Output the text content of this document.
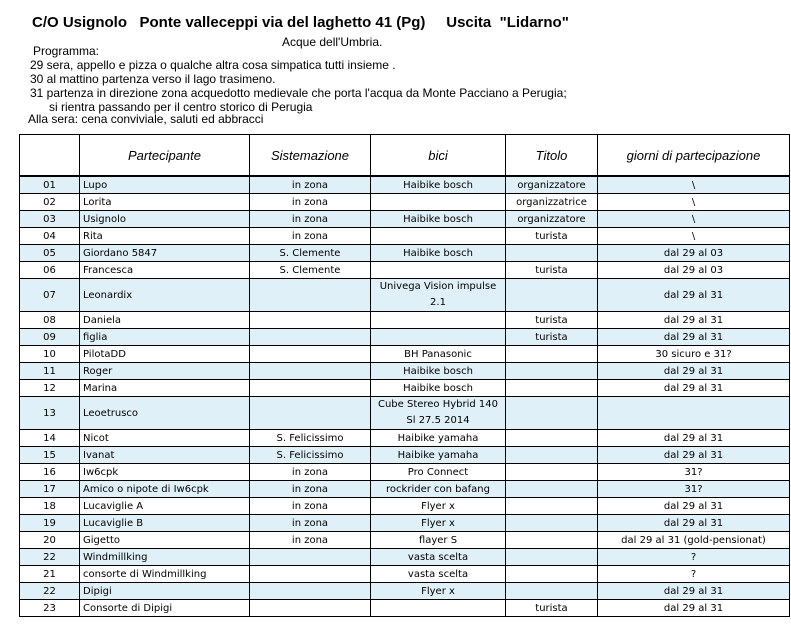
C/O Usignolo   Ponte valleceppi via del laghetto 41 (Pg)     Uscita  "Lidarno"
Acque dell'Umbria.
Programma:
29 sera, appello e pizza o qualche altra cosa simpatica tutti insieme .
30 al mattino partenza verso il lago trasimeno.
31 partenza in direzione zona acquedotto medievale che porta l'acqua da Monte Pacciano a Perugia;
si rientra passando per il centro storico di Perugia
Alla sera: cena conviviale, saluti ed abbracci
	Partecipante	Sistemazione	bici	Titolo	giorni di partecipazione
01	Lupo	in zona	Haibike bosch	organizzatore	\
02	Lorita	in zona		organizzatrice	\
03	Usignolo	in zona	Haibike bosch	organizzatore	\
04	Rita	in zona		turista	\
05	Giordano 5847	S. Clemente	Haibike bosch		dal 29 al 03
06	Francesca	S. Clemente		turista	dal 29 al 03
07	Leonardix		Univega Vision impulse 2.1		dal 29 al 31
08	Daniela			turista	dal 29 al 31
09	figlia			turista	dal 29 al 31
10	PilotaDD		BH Panasonic		30 sicuro e 31?
11	Roger		Haibike bosch		dal 29 al 31
12	Marina		Haibike bosch		dal 29 al 31
13	Leoetrusco		Cube Stereo Hybrid 140 Sl 27.5 2014		
14	Nicot	S. Felicissimo	Haibike yamaha		dal 29 al 31
15	Ivanat	S. Felicissimo	Haibike yamaha		dal 29 al 31
16	Iw6cpk	in zona	Pro Connect		31?
17	Amico o nipote di Iw6cpk	in zona	rockrider con bafang		31?
18	Lucaviglie A	in zona	Flyer x		dal 29 al 31
19	Lucaviglie B	in zona	Flyer x		dal 29 al 31
20	Gigetto	in zona	flayer S		dal 29 al 31 (gold-pensionat)
22	Windmillking		vasta scelta		?
21	consorte di Windmillking		vasta scelta		?
22	Dipigi		Flyer x		dal 29 al 31
23	Consorte di Dipigi			turista	dal 29 al 31
